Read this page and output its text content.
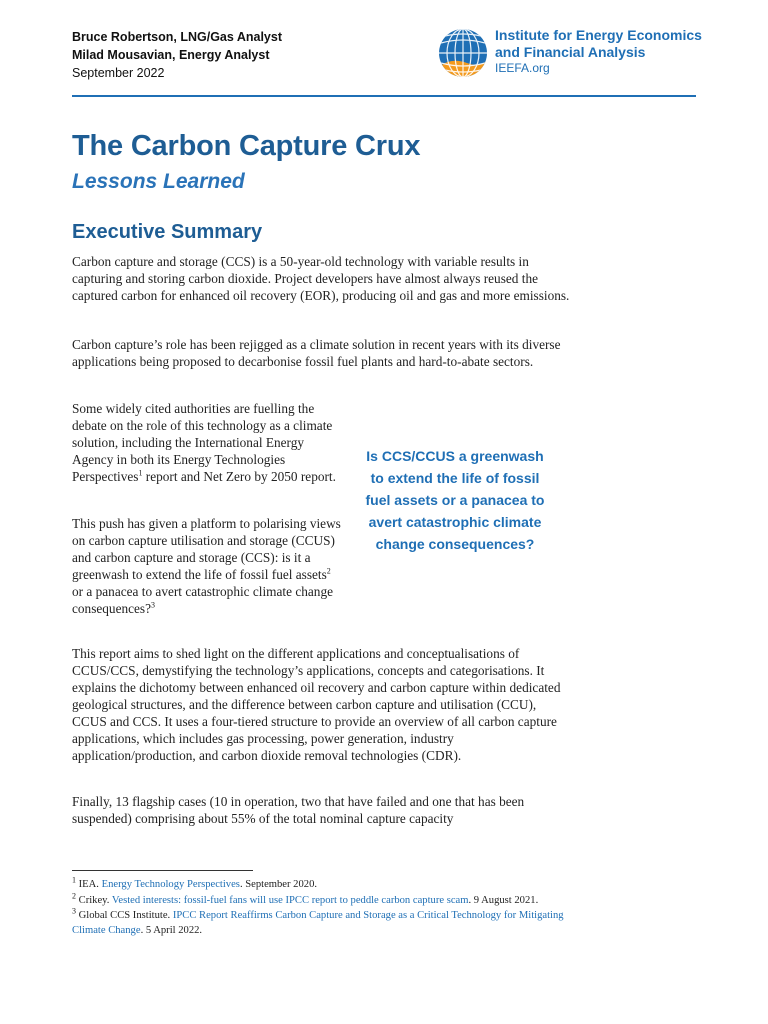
Bruce Robertson, LNG/Gas Analyst
Milad Mousavian, Energy Analyst
September 2022
Institute for Energy Economics
and Financial Analysis
IEEFA.org
The Carbon Capture Crux
Lessons Learned
Executive Summary

Carbon capture and storage (CCS) is a 50-year-old technology with variable results in capturing and storing carbon dioxide. Project developers have almost always reused the captured carbon for enhanced oil recovery (EOR), producing oil and gas and more emissions.

Carbon capture’s role has been rejigged as a climate solution in recent years with its diverse applications being proposed to decarbonise fossil fuel plants and hard-to-abate sectors.

Some widely cited authorities are fuelling the debate on the role of this technology as a climate solution, including the International Energy Agency in both its Energy Technologies Perspectives$^1$ report and Net Zero by 2050 report.

This push has given a platform to polarising views on carbon capture utilisation and storage (CCUS) and carbon capture and storage (CCS): is it a greenwash to extend the life of fossil fuel assets$^2$ or a panacea to avert catastrophic climate change consequences?$^3$

Is CCS/CCUS a greenwash to extend the life of fossil fuel assets or a panacea to avert catastrophic climate change consequences?

This report aims to shed light on the different applications and conceptualisations of CCUS/CCS, demystifying the technology’s applications, concepts and categorisations. It explains the dichotomy between enhanced oil recovery and carbon capture within dedicated geological structures, and the difference between carbon capture and utilisation (CCU), CCUS and CCS. It uses a four-tiered structure to provide an overview of all carbon capture applications, which includes gas processing, power generation, industry application/production, and carbon dioxide removal technologies (CDR).

Finally, 13 flagship cases (10 in operation, two that have failed and one that has been suspended) comprising about 55% of the total nominal capture capacity

$^1$ IEA. Energy Technology Perspectives. September 2020.

$^2$ Crikey. Vested interests: fossil-fuel fans will use IPCC report to peddle carbon capture scam. 9 August 2021.

$^3$ Global CCS Institute. IPCC Report Reaffirms Carbon Capture and Storage as a Critical Technology for Mitigating Climate Change. 5 April 2022.
